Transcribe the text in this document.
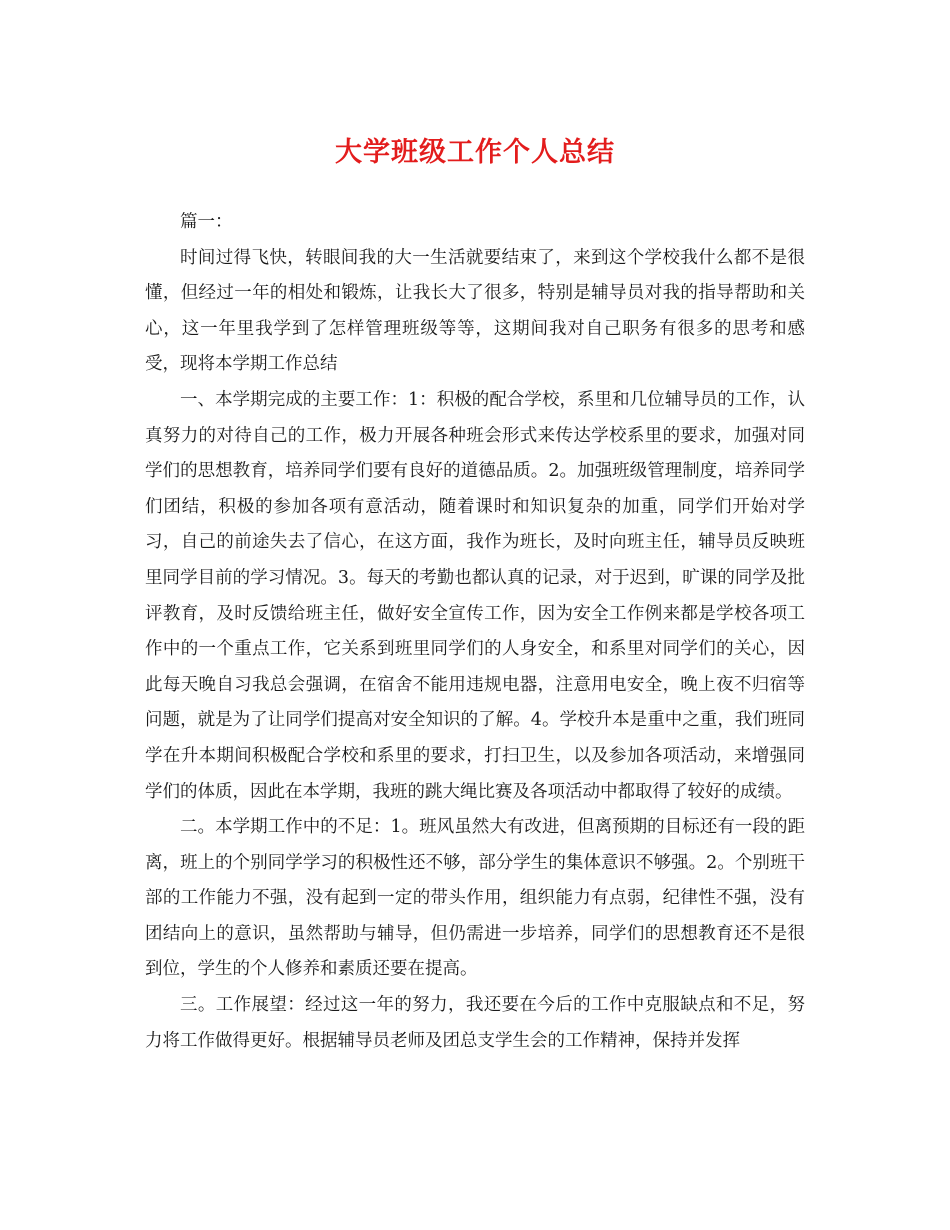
大学班级工作个人总结

篇一：

时间过得飞快，转眼间我的大一生活就要结束了，来到这个学校我什么都不是很懂，但经过一年的相处和锻炼，让我长大了很多，特别是辅导员对我的指导帮助和关心，这一年里我学到了怎样管理班级等等，这期间我对自己职务有很多的思考和感受，现将本学期工作总结

一、本学期完成的主要工作：1：积极的配合学校，系里和几位辅导员的工作，认真努力的对待自己的工作，极力开展各种班会形式来传达学校系里的要求，加强对同学们的思想教育，培养同学们要有良好的道德品质。2。加强班级管理制度，培养同学们团结，积极的参加各项有意活动，随着课时和知识复杂的加重，同学们开始对学习，自己的前途失去了信心，在这方面，我作为班长，及时向班主任，辅导员反映班里同学目前的学习情况。3。每天的考勤也都认真的记录，对于迟到，旷课的同学及批评教育，及时反馈给班主任，做好安全宣传工作，因为安全工作例来都是学校各项工作中的一个重点工作，它关系到班里同学们的人身安全，和系里对同学们的关心，因此每天晚自习我总会强调，在宿舍不能用违规电器，注意用电安全，晚上夜不归宿等问题，就是为了让同学们提高对安全知识的了解。4。学校升本是重中之重，我们班同学在升本期间积极配合学校和系里的要求，打扫卫生，以及参加各项活动，来增强同学们的体质，因此在本学期，我班的跳大绳比赛及各项活动中都取得了较好的成绩。

二。本学期工作中的不足：1。班风虽然大有改进，但离预期的目标还有一段的距离，班上的个别同学学习的积极性还不够，部分学生的集体意识不够强。2。个别班干部的工作能力不强，没有起到一定的带头作用，组织能力有点弱，纪律性不强，没有团结向上的意识，虽然帮助与辅导，但仍需进一步培养，同学们的思想教育还不是很到位，学生的个人修养和素质还要在提高。

三。工作展望：经过这一年的努力，我还要在今后的工作中克服缺点和不足，努力将工作做得更好。根据辅导员老师及团总支学生会的工作精神，保持并发挥
